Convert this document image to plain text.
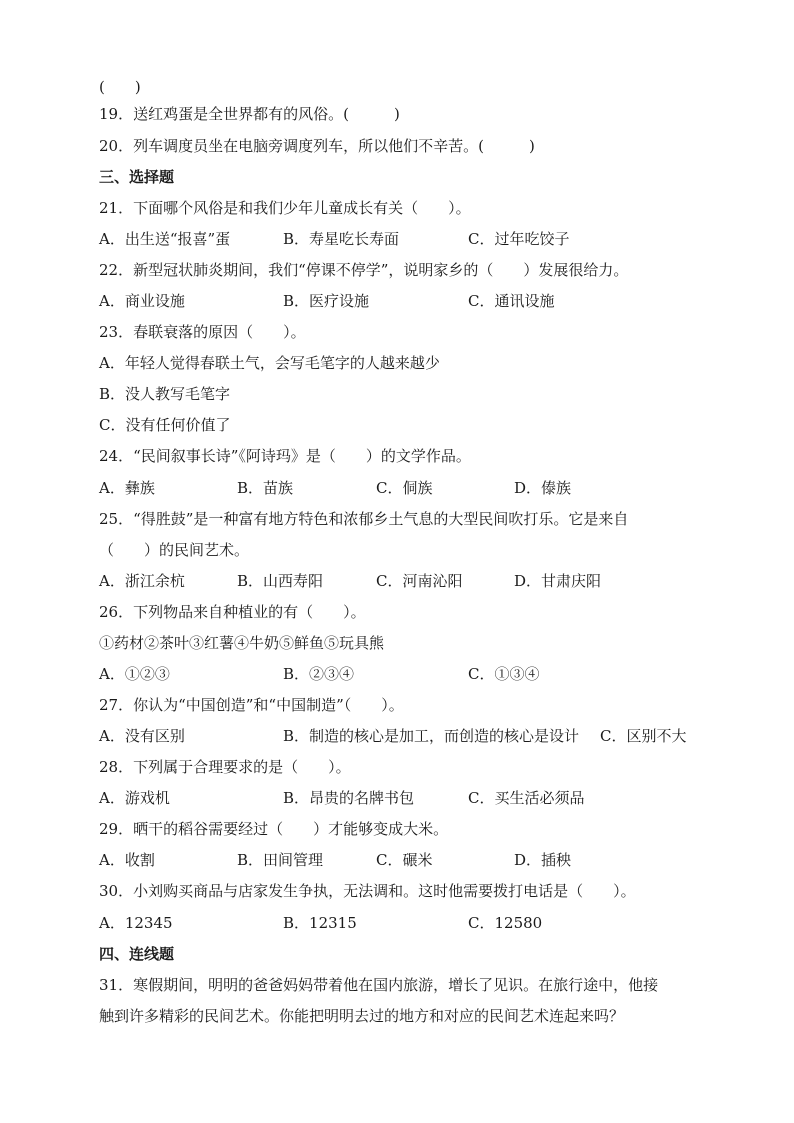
(　　)
19．送红鸡蛋是全世界都有的风俗。(　　　)
20．列车调度员坐在电脑旁调度列车，所以他们不辛苦。(　　　)
三、选择题
21．下面哪个风俗是和我们少年儿童成长有关（　　）。
A．出生送“报喜”蛋	B．寿星吃长寿面	C．过年吃饺子
22．新型冠状肺炎期间，我们“停课不停学”，说明家乡的（　　）发展很给力。
A．商业设施	B．医疗设施	C．通讯设施
23．春联衰落的原因（　　）。
A．年轻人觉得春联土气，会写毛笔字的人越来越少
B．没人教写毛笔字
C．没有任何价值了
24．“民间叙事长诗”《阿诗玛》是（　　）的文学作品。
A．彝族	B．苗族	C．侗族	D．傣族
25．“得胜鼓”是一种富有地方特色和浓郁乡土气息的大型民间吹打乐。它是来自
（　　）的民间艺术。
A．浙江余杭	B．山西寿阳	C．河南沁阳	D．甘肃庆阳
26．下列物品来自种植业的有（　　）。
①药材②茶叶③红薯④牛奶⑤鲜鱼⑤玩具熊
A．①②③	B．②③④	C．①③④
27．你认为“中国创造”和“中国制造”（　　）。
A．没有区别	B．制造的核心是加工，而创造的核心是设计 C．区别不大
28．下列属于合理要求的是（　　）。
A．游戏机	B．昂贵的名牌书包	C．买生活必须品
29．晒干的稻谷需要经过（　　）才能够变成大米。
A．收割	B．田间管理	C．碾米	D．插秧
30．小刘购买商品与店家发生争执，无法调和。这时他需要拨打电话是（　　）。
A．12345	B．12315	C．12580
四、连线题
31．寒假期间，明明的爸爸妈妈带着他在国内旅游，增长了见识。在旅行途中，他接
触到许多精彩的民间艺术。你能把明明去过的地方和对应的民间艺术连起来吗？
